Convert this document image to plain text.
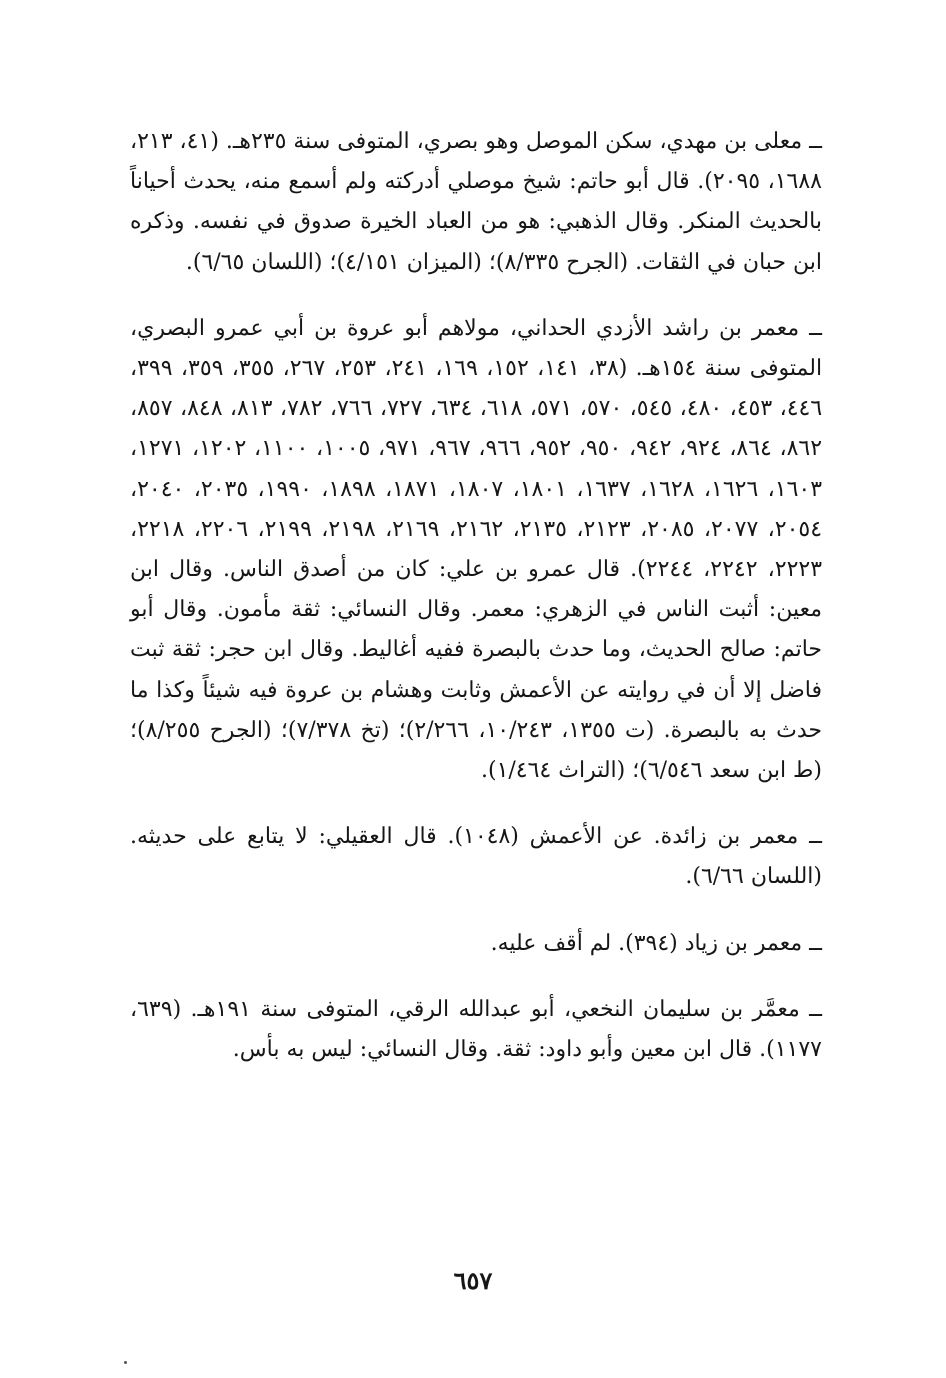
ــ معلى بن مهدي، سكن الموصل وهو بصري، المتوفى سنة ٢٣٥هـ. (٤١، ٢١٣، ١٦٨٨، ٢٠٩٥). قال أبو حاتم: شيخ موصلي أدركته ولم أسمع منه، يحدث أحياناً بالحديث المنكر. وقال الذهبي: هو من العباد الخيرة صدوق في نفسه. وذكره ابن حبان في الثقات. (الجرح ٨/٣٣٥)؛ (الميزان ٤/١٥١)؛ (اللسان ٦/٦٥).

ــ معمر بن راشد الأزدي الحداني، مولاهم أبو عروة بن أبي عمرو البصري، المتوفى سنة ١٥٤هـ. (٣٨، ١٤١، ١٥٢، ١٦٩، ٢٤١، ٢٥٣، ٢٦٧، ٣٥٥، ٣٥٩، ٣٩٩، ٤٤٦، ٤٥٣، ٤٨٠، ٥٤٥، ٥٧٠، ٥٧١، ٦١٨، ٦٣٤، ٧٢٧، ٧٦٦، ٧٨٢، ٨١٣، ٨٤٨، ٨٥٧، ٨٦٢، ٨٦٤، ٩٢٤، ٩٤٢، ٩٥٠، ٩٥٢، ٩٦٦، ٩٦٧، ٩٧١، ١٠٠٥، ١١٠٠، ١٢٠٢، ١٢٧١، ١٦٠٣، ١٦٢٦، ١٦٢٨، ١٦٣٧، ١٨٠١، ١٨٠٧، ١٨٧١، ١٨٩٨، ١٩٩٠، ٢٠٣٥، ٢٠٤٠، ٢٠٥٤، ٢٠٧٧، ٢٠٨٥، ٢١٢٣، ٢١٣٥، ٢١٦٢، ٢١٦٩، ٢١٩٨، ٢١٩٩، ٢٢٠٦، ٢٢١٨، ٢٢٢٣، ٢٢٤٢، ٢٢٤٤). قال عمرو بن علي: كان من أصدق الناس. وقال ابن معين: أثبت الناس في الزهري: معمر. وقال النسائي: ثقة مأمون. وقال أبو حاتم: صالح الحديث، وما حدث بالبصرة ففيه أغاليط. وقال ابن حجر: ثقة ثبت فاضل إلا أن في روايته عن الأعمش وثابت وهشام بن عروة فيه شيئاً وكذا ما حدث به بالبصرة. (ت ١٣٥٥، ١٠/٢٤٣، ٢/٢٦٦)؛ (تخ ٧/٣٧٨)؛ (الجرح ٨/٢٥٥)؛ (ط ابن سعد ٦/٥٤٦)؛ (التراث ١/٤٦٤).

ــ معمر بن زائدة. عن الأعمش (١٠٤٨). قال العقيلي: لا يتابع على حديثه. (اللسان ٦/٦٦).

ــ معمر بن زياد (٣٩٤). لم أقف عليه.

ــ معمَّر بن سليمان النخعي، أبو عبدالله الرقي، المتوفى سنة ١٩١هـ. (٦٣٩، ١١٧٧). قال ابن معين وأبو داود: ثقة. وقال النسائي: ليس به بأس.

٦٥٧
